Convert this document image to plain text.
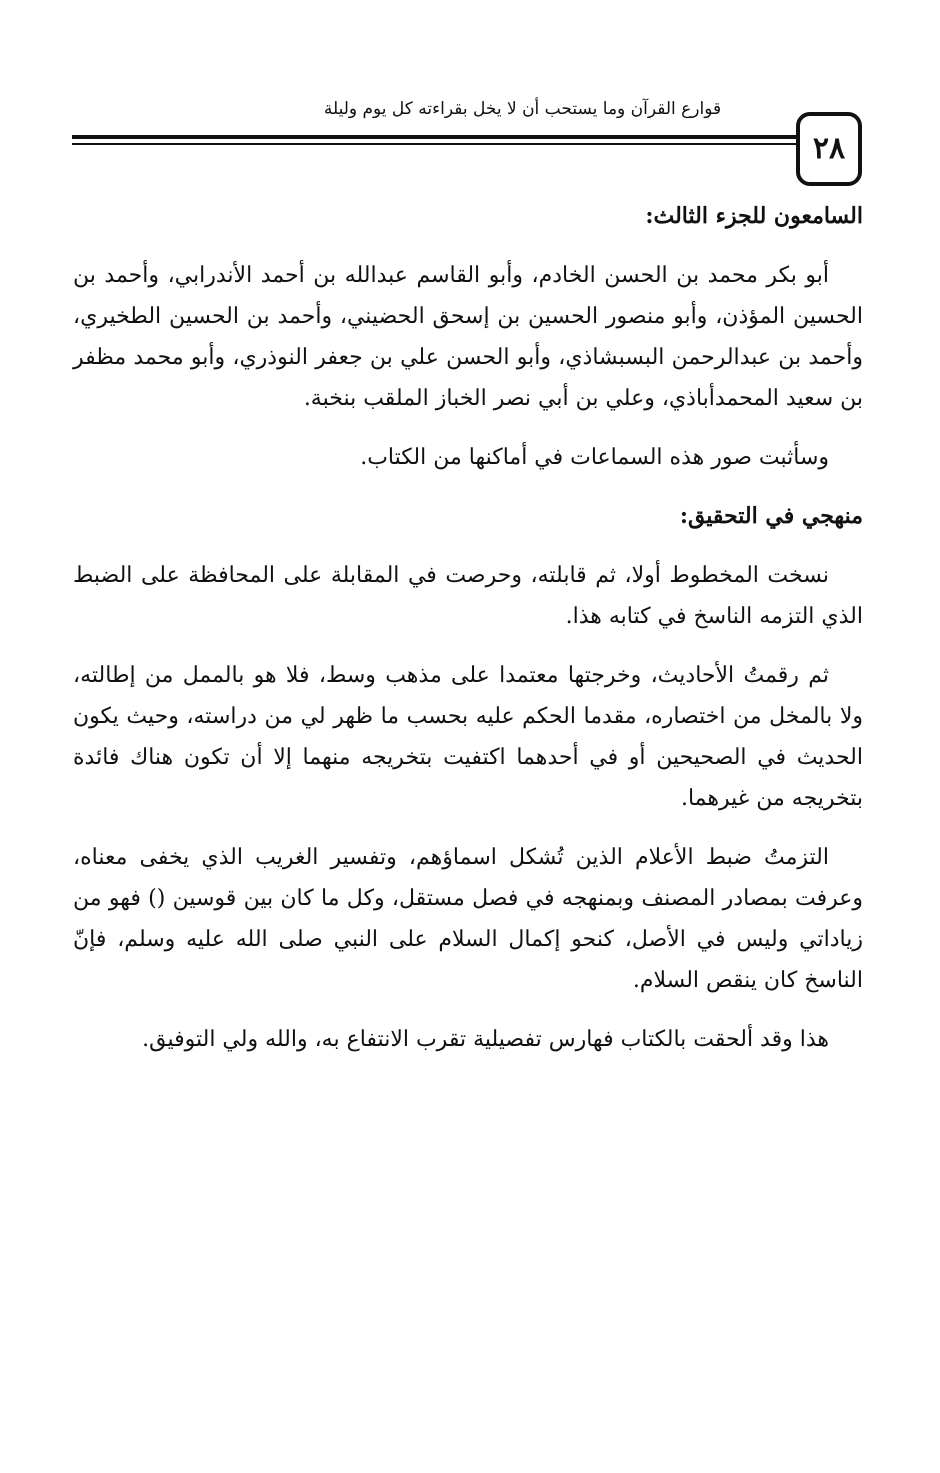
قوارع القرآن وما يستحب أن لا يخل بقراءته كل يوم وليلة
٢٨

السامعون للجزء الثالث:

أبو بكر محمد بن الحسن الخادم، وأبو القاسم عبدالله بن أحمد الأندرابي، وأحمد بن الحسين المؤذن، وأبو منصور الحسين بن إسحق الحضيني، وأحمد بن الحسين الطخيري، وأحمد بن عبدالرحمن البسبشاذي، وأبو الحسن علي بن جعفر النوذري، وأبو محمد مظفر بن سعيد المحمدأباذي، وعلي بن أبي نصر الخباز الملقب بنخبة.

وسأثبت صور هذه السماعات في أماكنها من الكتاب.

منهجي في التحقيق:

نسخت المخطوط أولا، ثم قابلته، وحرصت في المقابلة على المحافظة على الضبط الذي التزمه الناسخ في كتابه هذا.

ثم رقمتُ الأحاديث، وخرجتها معتمدا على مذهب وسط، فلا هو بالممل من إطالته، ولا بالمخل من اختصاره، مقدما الحكم عليه بحسب ما ظهر لي من دراسته، وحيث يكون الحديث في الصحيحين أو في أحدهما اكتفيت بتخريجه منهما إلا أن تكون هناك فائدة بتخريجه من غيرهما.

التزمتُ ضبط الأعلام الذين تُشكل اسماؤهم، وتفسير الغريب الذي يخفى معناه، وعرفت بمصادر المصنف وبمنهجه في فصل مستقل، وكل ما كان بين قوسين () فهو من زياداتي وليس في الأصل، كنحو إكمال السلام على النبي صلى الله عليه وسلم، فإنّ الناسخ كان ينقص السلام.

هذا وقد ألحقت بالكتاب فهارس تفصيلية تقرب الانتفاع به، والله ولي التوفيق.
